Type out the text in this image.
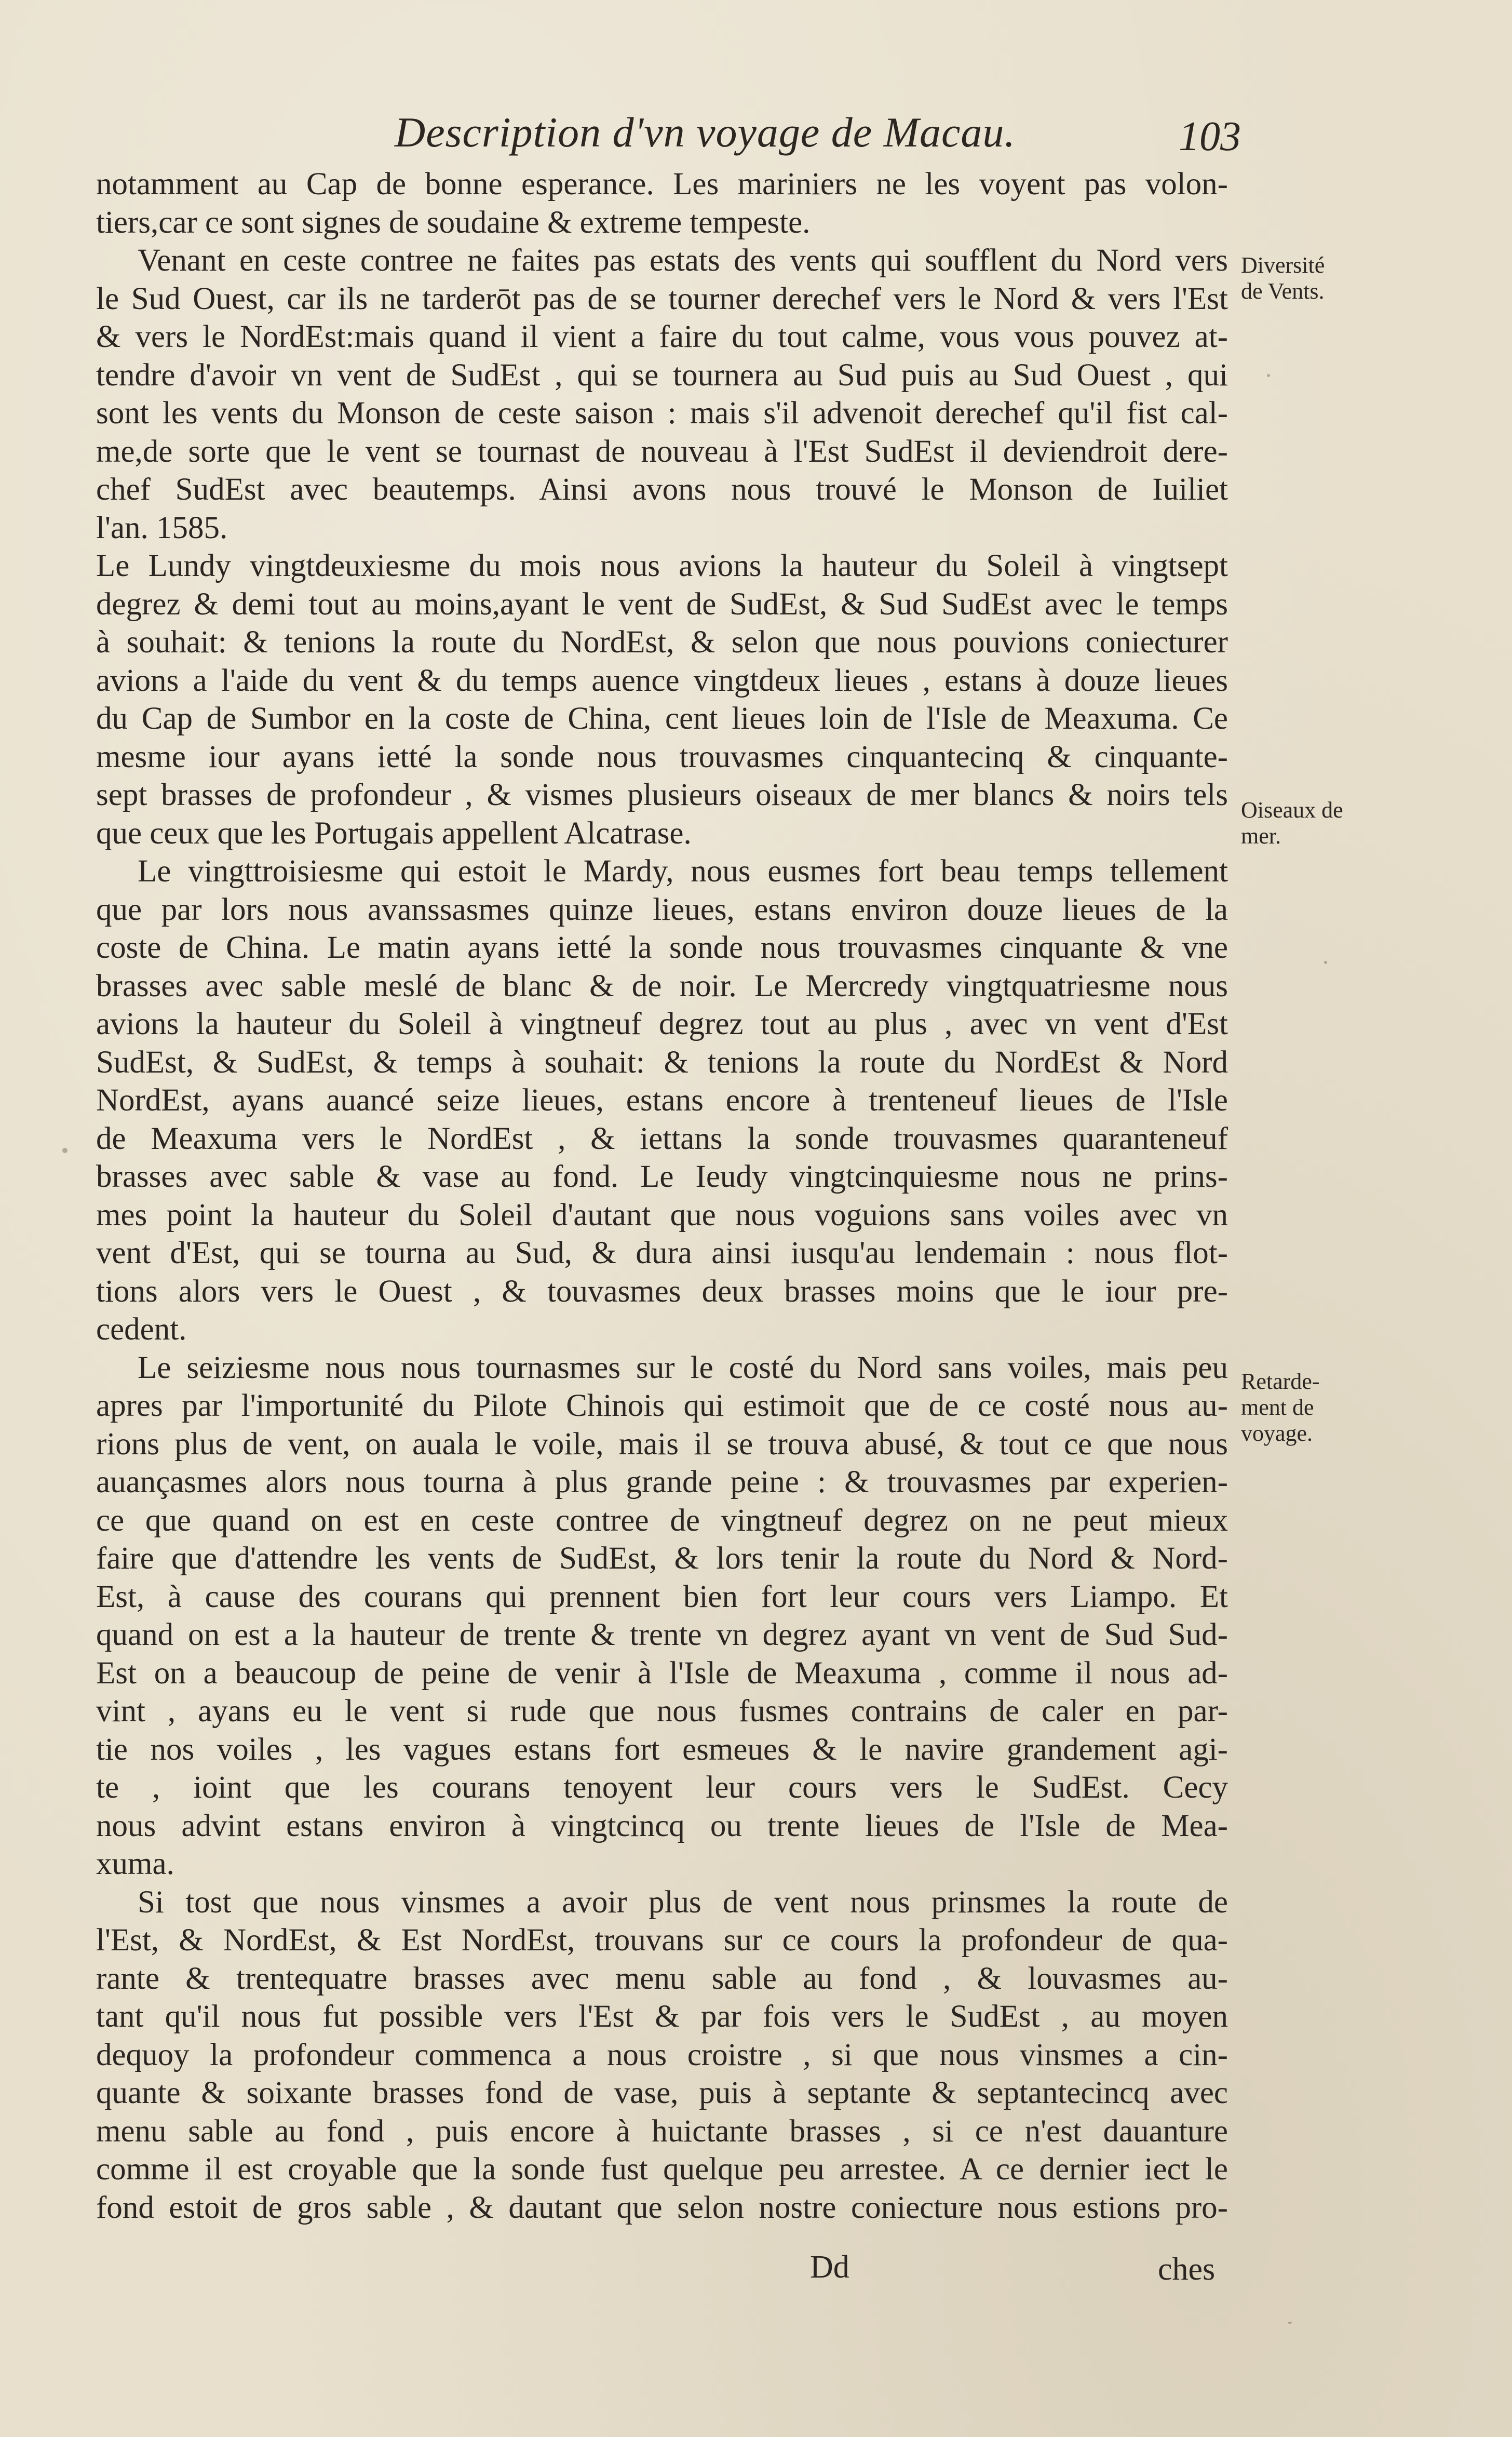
Description d'vn voyage de Macau.	103
notamment au Cap de bonne esperance. Les mariniers ne les voyent pas volon-
tiers,car ce sont signes de soudaine & extreme tempeste.
Venant en ceste contree ne faites pas estats des vents qui soufflent du Nord vers
le Sud Ouest, car ils ne tarderōt pas de se tourner derechef vers le Nord & vers l'Est
& vers le NordEst:mais quand il vient a faire du tout calme, vous vous pouvez at-
tendre d'avoir vn vent de SudEst , qui se tournera au Sud puis au Sud Ouest , qui
sont les vents du Monson de ceste saison : mais s'il advenoit derechef qu'il fist cal-
me,de sorte que le vent se tournast de nouveau à l'Est SudEst il deviendroit dere-
chef SudEst avec beautemps. Ainsi avons nous trouvé le Monson de Iuiliet
l'an. 1585.
Le Lundy vingtdeuxiesme du mois nous avions la hauteur du Soleil à vingtsept
degrez & demi tout au moins,ayant le vent de SudEst, & Sud SudEst avec le temps
à souhait: & tenions la route du NordEst, & selon que nous pouvions coniecturer
avions a l'aide du vent & du temps auence vingtdeux lieues , estans à douze lieues
du Cap de Sumbor en la coste de China, cent lieues loin de l'Isle de Meaxuma. Ce
mesme iour ayans ietté la sonde nous trouvasmes cinquantecinq & cinquante-
sept brasses de profondeur , & vismes plusieurs oiseaux de mer blancs & noirs tels
que ceux que les Portugais appellent Alcatrase.
Le vingttroisiesme qui estoit le Mardy, nous eusmes fort beau temps tellement
que par lors nous avanssasmes quinze lieues, estans environ douze lieues de la
coste de China. Le matin ayans ietté la sonde nous trouvasmes cinquante & vne
brasses avec sable meslé de blanc & de noir. Le Mercredy vingtquatriesme nous
avions la hauteur du Soleil à vingtneuf degrez tout au plus , avec vn vent d'Est
SudEst, & SudEst, & temps à souhait: & tenions la route du NordEst & Nord
NordEst, ayans auancé seize lieues, estans encore à trenteneuf lieues de l'Isle
de Meaxuma vers le NordEst , & iettans la sonde trouvasmes quaranteneuf
brasses avec sable & vase au fond. Le Ieudy vingtcinquiesme nous ne prins-
mes point la hauteur du Soleil d'autant que nous voguions sans voiles avec vn
vent d'Est, qui se tourna au Sud, & dura ainsi iusqu'au lendemain : nous flot-
tions alors vers le Ouest , & touvasmes deux brasses moins que le iour pre-
cedent.
Le seiziesme nous nous tournasmes sur le costé du Nord sans voiles, mais peu
apres par l'importunité du Pilote Chinois qui estimoit que de ce costé nous au-
rions plus de vent, on auala le voile, mais il se trouva abusé, & tout ce que nous
auançasmes alors nous tourna à plus grande peine : & trouvasmes par experien-
ce que quand on est en ceste contree de vingtneuf degrez on ne peut mieux
faire que d'attendre les vents de SudEst, & lors tenir la route du Nord & Nord-
Est, à cause des courans qui prennent bien fort leur cours vers Liampo. Et
quand on est a la hauteur de trente & trente vn degrez ayant vn vent de Sud Sud-
Est on a beaucoup de peine de venir à l'Isle de Meaxuma , comme il nous ad-
vint , ayans eu le vent si rude que nous fusmes contrains de caler en par-
tie nos voiles , les vagues estans fort esmeues & le navire grandement agi-
te , ioint que les courans tenoyent leur cours vers le SudEst. Cecy
nous advint estans environ à vingtcincq ou trente lieues de l'Isle de Mea-
xuma.
Si tost que nous vinsmes a avoir plus de vent nous prinsmes la route de
l'Est, & NordEst, & Est NordEst, trouvans sur ce cours la profondeur de qua-
rante & trentequatre brasses avec menu sable au fond , & louvasmes au-
tant qu'il nous fut possible vers l'Est & par fois vers le SudEst , au moyen
dequoy la profondeur commenca a nous croistre , si que nous vinsmes a cin-
quante & soixante brasses fond de vase, puis à septante & septantecincq avec
menu sable au fond , puis encore à huictante brasses , si ce n'est dauanture
comme il est croyable que la sonde fust quelque peu arrestee. A ce dernier iect le
fond estoit de gros sable , & dautant que selon nostre coniecture nous estions pro-
Diversité
de Vents.
Oiseaux de
mer.
Retarde-
ment de
voyage.
Dd	ches
